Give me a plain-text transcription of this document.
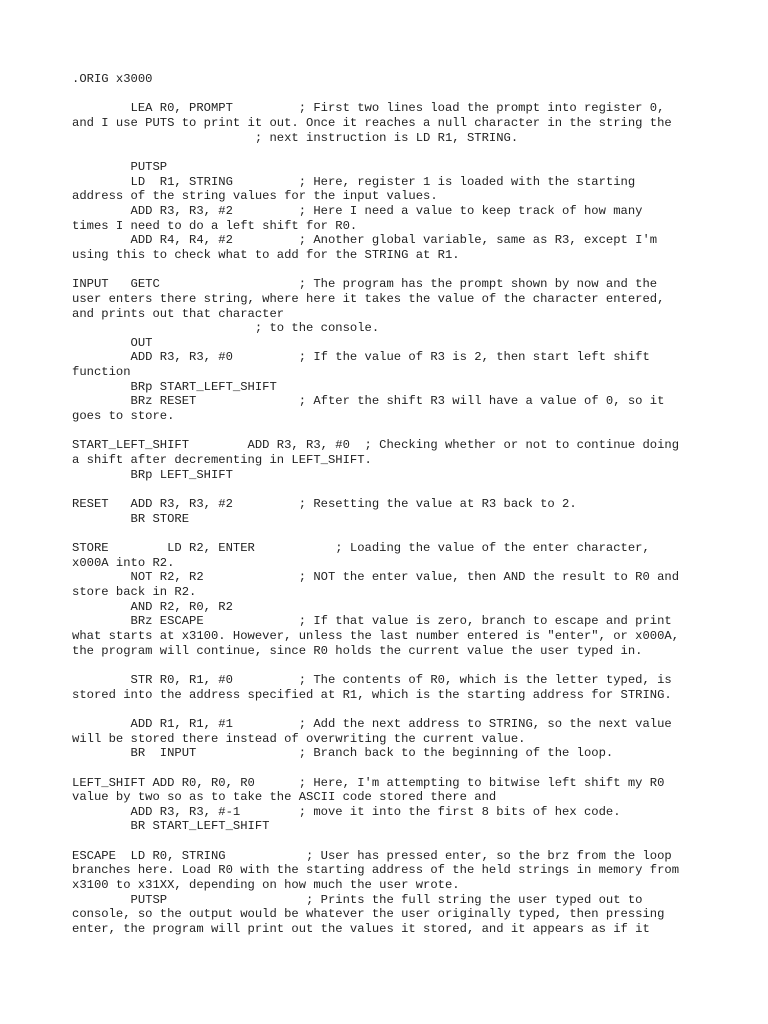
.ORIG x3000

LEA R0, PROMPT         ; First two lines load the prompt into register 0,
and I use PUTS to print it out. Once it reaches a null character in the string the
; next instruction is LD R1, STRING.

PUTSP
LD  R1, STRING         ; Here, register 1 is loaded with the starting
address of the string values for the input values.
ADD R3, R3, #2         ; Here I need a value to keep track of how many
times I need to do a left shift for R0.
ADD R4, R4, #2         ; Another global variable, same as R3, except I'm
using this to check what to add for the STRING at R1.

INPUT   GETC                   ; The program has the prompt shown by now and the
user enters there string, where here it takes the value of the character entered,
and prints out that character
; to the console.
OUT
ADD R3, R3, #0         ; If the value of R3 is 2, then start left shift
function
BRp START_LEFT_SHIFT
BRz RESET              ; After the shift R3 will have a value of 0, so it
goes to store.

START_LEFT_SHIFT        ADD R3, R3, #0  ; Checking whether or not to continue doing
a shift after decrementing in LEFT_SHIFT.
BRp LEFT_SHIFT

RESET   ADD R3, R3, #2         ; Resetting the value at R3 back to 2.
BR STORE

STORE        LD R2, ENTER           ; Loading the value of the enter character,
x000A into R2.
NOT R2, R2             ; NOT the enter value, then AND the result to R0 and
store back in R2.
AND R2, R0, R2
BRz ESCAPE             ; If that value is zero, branch to escape and print
what starts at x3100. However, unless the last number entered is "enter", or x000A,
the program will continue, since R0 holds the current value the user typed in.

STR R0, R1, #0         ; The contents of R0, which is the letter typed, is
stored into the address specified at R1, which is the starting address for STRING.

ADD R1, R1, #1         ; Add the next address to STRING, so the next value
will be stored there instead of overwriting the current value.
BR  INPUT              ; Branch back to the beginning of the loop.

LEFT_SHIFT ADD R0, R0, R0      ; Here, I'm attempting to bitwise left shift my R0
value by two so as to take the ASCII code stored there and
ADD R3, R3, #-1        ; move it into the first 8 bits of hex code.
BR START_LEFT_SHIFT

ESCAPE  LD R0, STRING           ; User has pressed enter, so the brz from the loop
branches here. Load R0 with the starting address of the held strings in memory from
x3100 to x31XX, depending on how much the user wrote.
PUTSP                   ; Prints the full string the user typed out to
console, so the output would be whatever the user originally typed, then pressing
enter, the program will print out the values it stored, and it appears as if it
